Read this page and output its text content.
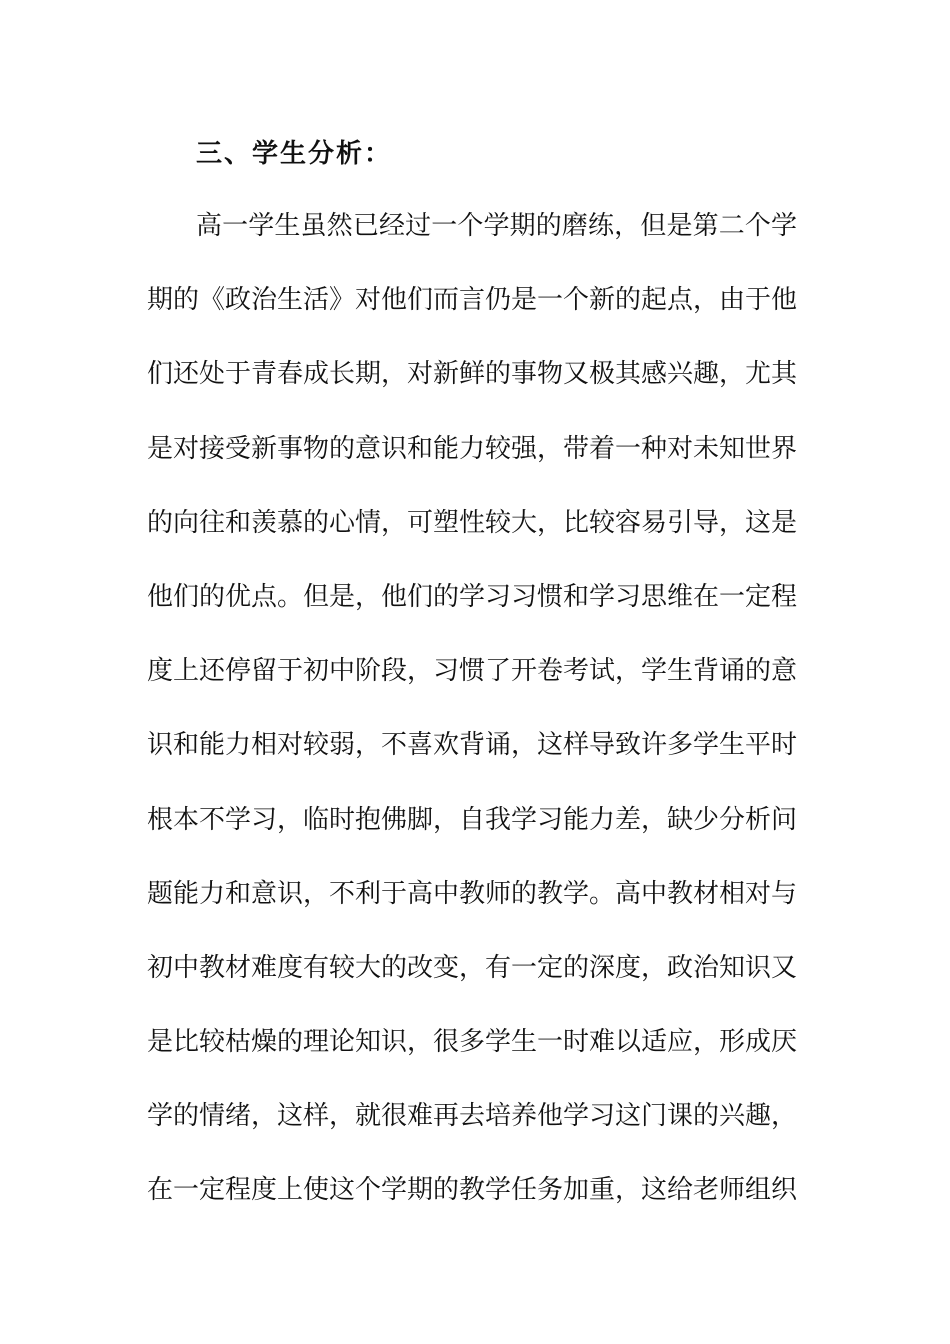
三、学生分析：
高一学生虽然已经过一个学期的磨练，但是第二个学
期的《政治生活》对他们而言仍是一个新的起点，由于他
们还处于青春成长期，对新鲜的事物又极其感兴趣，尤其
是对接受新事物的意识和能力较强，带着一种对未知世界
的向往和羡慕的心情，可塑性较大，比较容易引导，这是
他们的优点。但是，他们的学习习惯和学习思维在一定程
度上还停留于初中阶段，习惯了开卷考试，学生背诵的意
识和能力相对较弱，不喜欢背诵，这样导致许多学生平时
根本不学习，临时抱佛脚，自我学习能力差，缺少分析问
题能力和意识，不利于高中教师的教学。高中教材相对与
初中教材难度有较大的改变，有一定的深度，政治知识又
是比较枯燥的理论知识，很多学生一时难以适应，形成厌
学的情绪，这样，就很难再去培养他学习这门课的兴趣，
在一定程度上使这个学期的教学任务加重，这给老师组织
